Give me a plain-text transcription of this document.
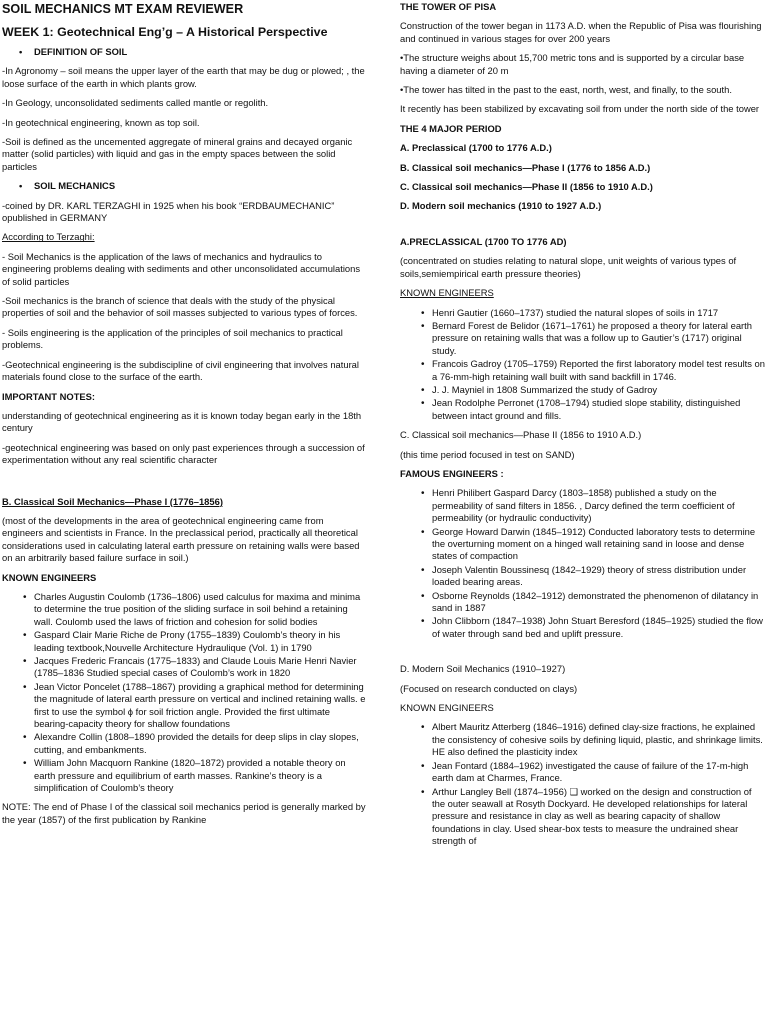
SOIL MECHANICS MT EXAM REVIEWER
WEEK 1: Geotechnical Eng’g – A Historical Perspective
• DEFINITION OF SOIL

-In Agronomy – soil means the upper layer of the earth that may be dug or plowed; , the loose surface of the earth in which plants grow.

-In Geology, unconsolidated sediments called mantle or regolith.

-In geotechnical engineering, known as top soil.

-Soil is defined as the uncemented aggregate of mineral grains and decayed organic matter (solid particles) with liquid and gas in the empty spaces between the solid particles

• SOIL MECHANICS

-coined by DR. KARL TERZAGHI in 1925 when his book “ERDBAUMECHANIC” opublished in GERMANY

According to Terzaghi:

- Soil Mechanics is the application of the laws of mechanics and hydraulics to engineering problems dealing with sediments and other unconsolidated accumulations of solid particles

-Soil mechanics is the branch of science that deals with the study of the physical properties of soil and the behavior of soil masses subjected to various types of forces.

- Soils engineering is the application of the principles of soil mechanics to practical problems.

-Geotechnical engineering is the subdiscipline of civil engineering that involves natural materials found close to the surface of the earth.

IMPORTANT NOTES:

understanding of geotechnical engineering as it is known today began early in the 18th century

-geotechnical engineering was based on only past experiences through a succession of experimentation without any real scientific character

B. Classical Soil Mechanics—Phase I (1776–1856)

(most of the developments in the area of geotechnical engineering came from engineers and scientists in France. In the preclassical period, practically all theoretical considerations used in calculating lateral earth pressure on retaining walls were based on an arbitrarily based failure surface in soil.)

KNOWN ENGINEERS
• Charles Augustin Coulomb (1736–1806) used calculus for maxima and minima to determine the true position of the sliding surface in soil behind a retaining wall. Coulomb used the laws of friction and cohesion for solid bodies
• Gaspard Clair Marie Riche de Prony (1755–1839) Coulomb’s theory in his leading textbook,Nouvelle Architecture Hydraulique (Vol. 1) in 1790
• Jacques Frederic Francais (1775–1833) and Claude Louis Marie Henri Navier (1785–1836 Studied special cases of Coulomb’s work in 1820
• Jean Victor Poncelet (1788–1867) providing a graphical method for determining the magnitude of lateral earth pressure on vertical and inclined retaining walls. e first to use the symbol ϕ for soil friction angle. Provided the first ultimate bearing-capacity theory for shallow foundations
• Alexandre Collin (1808–1890 provided the details for deep slips in clay slopes, cutting, and embankments.
• William John Macquorn Rankine (1820–1872) provided a notable theory on earth pressure and equilibrium of earth masses. Rankine’s theory is a simplification of Coulomb’s theory

NOTE: The end of Phase I of the classical soil mechanics period is generally marked by the year (1857) of the first publication by Rankine

THE TOWER OF PISA

Construction of the tower began in 1173 A.D. when the Republic of Pisa was flourishing and continued in various stages for over 200 years

•The structure weighs about 15,700 metric tons and is supported by a circular base having a diameter of 20 m

•The tower has tilted in the past to the east, north, west, and finally, to the south.

It recently has been stabilized by excavating soil from under the north side of the tower

THE 4 MAJOR PERIOD
A. Preclassical (1700 to 1776 A.D.)
B. Classical soil mechanics—Phase I (1776 to 1856 A.D.)
C. Classical soil mechanics—Phase II (1856 to 1910 A.D.)
D. Modern soil mechanics (1910 to 1927 A.D.)
A.PRECLASSICAL (1700 TO 1776 AD)

(concentrated on studies relating to natural slope, unit weights of various types of soils,semiempirical earth pressure theories)

KNOWN ENGINEERS

• Henri Gautier (1660–1737) studied the natural slopes of soils in 1717
• Bernard Forest de Belidor (1671–1761) he proposed a theory for lateral earth pressure on retaining walls that was a follow up to Gautier’s (1717) original study.
• Francois Gadroy (1705–1759) Reported the first laboratory model test results on a 76-mm-high retaining wall built with sand backfill in 1746.
• J. J. Mayniel in 1808 Summarized the study of Gadroy
• Jean Rodolphe Perronet (1708–1794) studied slope stability, distinguished between intact ground and fills.

C. Classical soil mechanics—Phase II (1856 to 1910 A.D.)

(this time period focused in test on SAND)

FAMOUS ENGINEERS :
• Henri Philibert Gaspard Darcy (1803–1858) published a study on the permeability of sand filters in 1856. , Darcy defined the term coefficient of permeability (or hydraulic conductivity)
• George Howard Darwin (1845–1912) Conducted laboratory tests to determine the overturning moment on a hinged wall retaining sand in loose and dense states of compaction
• Joseph Valentin Boussinesq (1842–1929) theory of stress distribution under loaded bearing areas.
• Osborne Reynolds (1842–1912) demonstrated the phenomenon of dilatancy in sand in 1887
• John Clibborn (1847–1938) John Stuart Beresford (1845–1925) studied the flow of water through sand bed and uplift pressure.

D. Modern Soil Mechanics (1910–1927)

(Focused on research conducted on clays)

KNOWN ENGINEERS

• Albert Mauritz Atterberg (1846–1916) defined clay-size fractions, he explained the consistency of cohesive soils by defining liquid, plastic, and shrinkage limits. HE also defined the plasticity index
• Jean Fontard (1884–1962) investigated the cause of failure of the 17-m-high earth dam at Charmes, France.
• Arthur Langley Bell (1874–1956) ❑ worked on the design and construction of the outer seawall at Rosyth Dockyard. He developed relationships for lateral pressure and resistance in clay as well as bearing capacity of shallow foundations in clay. Used shear-box tests to measure the undrained shear strength of
